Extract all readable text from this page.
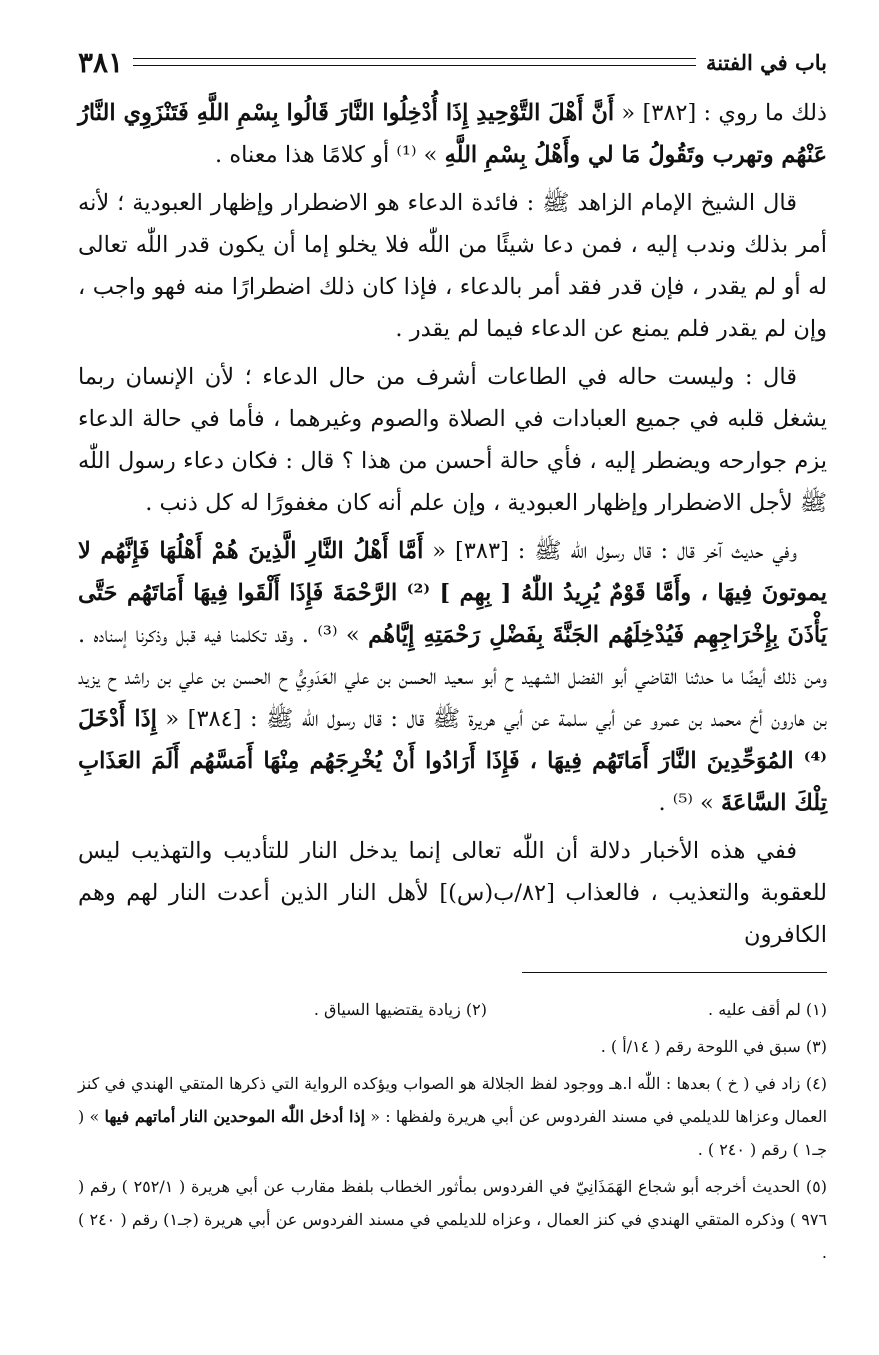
باب في الفتنة
٣٨١

ذلك ما روي : [٣٨٢] « أَنَّ أَهْلَ التَّوْحِيدِ إِذَا أُدْخِلُوا النَّارَ قَالُوا بِسْمِ اللَّهِ فَتَنْزَوِي النَّارُ عَنْهُم وتهرب وتَقُولُ مَا لي وأَهْلُ بِسْمِ اللَّهِ » ⁽¹⁾ أو كلامًا هذا معناه .

قال الشيخ الإمام الزاهد ﷺ : فائدة الدعاء هو الاضطرار وإظهار العبودية ؛ لأنه أمر بذلك وندب إليه ، فمن دعا شيئًا من اللّٰه فلا يخلو إما أن يكون قدر اللّٰه تعالى له أو لم يقدر ، فإن قدر فقد أمر بالدعاء ، فإذا كان ذلك اضطرارًا منه فهو واجب ، وإن لم يقدر فلم يمنع عن الدعاء فيما لم يقدر .

قال : وليست حاله في الطاعات أشرف من حال الدعاء ؛ لأن الإنسان ربما يشغل قلبه في جميع العبادات في الصلاة والصوم وغيرهما ، فأما في حالة الدعاء يزم جوارحه ويضطر إليه ، فأي حالة أحسن من هذا ؟ قال : فكان دعاء رسول اللّٰه ﷺ لأجل الاضطرار وإظهار العبودية ، وإن علم أنه كان مغفورًا له كل ذنب .

وفي حديث آخر قال : قال رسول اللّٰه ﷺ : [٣٨٣] « أَمَّا أَهْلُ النَّارِ الَّذِينَ هُمْ أَهْلُهَا فَإِنَّهُم لا يموتونَ فِيهَا ، وأَمَّا قَوْمٌ يُرِيدُ اللّٰهُ [ بِهِم ] ⁽²⁾ الرَّحْمَةَ فَإِذَا أَلْقَوا فِيهَا أَمَاتَهُم حَتَّى يَأْذَنَ بِإِخْرَاجِهِم فَيُدْخِلَهُم الجَنَّةَ بِفَضْلِ رَحْمَتِهِ إِيَّاهُم » ⁽³⁾ . وقد تكلمنا فيه قبل وذكرنا إسناده . ومن ذلك أيضًا ما حدثنا القاضي أبو الفضل الشهيد ح أبو سعيد الحسن بن علي العَدَوِيُّ ح الحسن بن علي بن راشد ح يزيد بن هارون أخ محمد بن عمرو عن أبي سلمة عن أبي هريرة ﷺ قال : قال رسول اللّٰه ﷺ : [٣٨٤] « إِذَا أَدْخَلَ ⁽⁴⁾ المُوَحِّدِينَ النَّارَ أَمَاتَهُم فِيهَا ، فَإِذَا أَرَادُوا أَنْ يُخْرِجَهُم مِنْهَا أَمَسَّهُم أَلَمَ العَذَابِ تِلْكَ السَّاعَةَ » ⁽⁵⁾ .

ففي هذه الأخبار دلالة أن اللّٰه تعالى إنما يدخل النار للتأديب والتهذيب ليس للعقوبة والتعذيب ، فالعذاب [٨٢/ب(س)] لأهل النار الذين أعدت النار لهم وهم الكافرون

(١) لم أقف عليه .
(٢) زيادة يقتضيها السياق .

(٣) سبق في اللوحة رقم ( ١٤/أ ) .

(٤) زاد في ( خ ) بعدها : اللّٰه ا.هـ ووجود لفظ الجلالة هو الصواب ويؤكده الرواية التي ذكرها المتقي الهندي في كنز العمال وعزاها للديلمي في مسند الفردوس عن أبي هريرة ولفظها : « إذا أدخل اللّٰه الموحدين النار أماتهم فيها » ( جـ١ ) رقم ( ٢٤٠ ) .

(٥) الحديث أخرجه أبو شجاع الهَمَذَانِيّ في الفردوس بمأثور الخطاب بلفظ مقارب عن أبي هريرة ( ٢٥٢/١ ) رقم ( ٩٧٦ ) وذكره المتقي الهندي في كنز العمال ، وعزاه للديلمي في مسند الفردوس عن أبي هريرة (جـ١) رقم ( ٢٤٠ ) .
